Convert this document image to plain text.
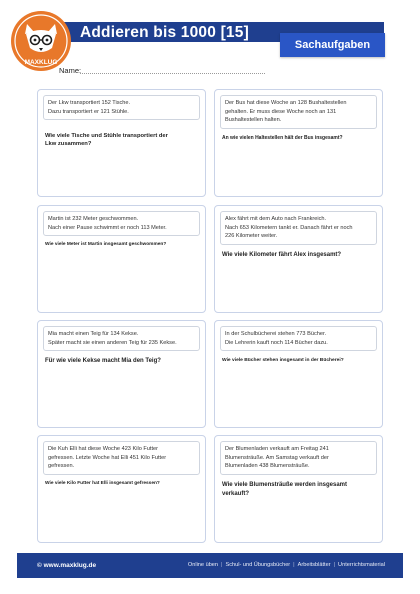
Addieren bis 1000 [15]
Sachaufgaben
MAXKLUG
Name:
Der Lkw transportiert 152 Tische.
Dazu transportiert er 121 Stühle.
Wie viele Tische und Stühle transportiert der
Lkw zusammen?
Der Bus hat diese Woche an 128 Bushaltestellen
gehalten. Er muss diese Woche noch an 131
Bushaltestellen halten.
An wie vielen Haltestellen hält der Bus insgesamt?
Martin ist 232 Meter geschwommen.
Nach einer Pause schwimmt er noch 113 Meter.
Wie viele Meter ist Martin insgesamt geschwommen?
Alex fährt mit dem Auto nach Frankreich.
Nach 653 Kilometern tankt er. Danach fährt er noch
226 Kilometer weiter.
Wie viele Kilometer fährt Alex insgesamt?
Mia macht einen Teig für 134 Kekse.
Später macht sie einen anderen Teig für 235 Kekse.
Für wie viele Kekse macht Mia den Teig?
In der Schulbücherei stehen 773 Bücher.
Die Lehrerin kauft noch 114 Bücher dazu.
Wie viele Bücher stehen insgesamt in der Bücherei?
Die Kuh Elli hat diese Woche 423 Kilo Futter
gefressen. Letzte Woche hat Elli 451 Kilo Futter
gefressen.
Wie viele Kilo Futter hat Elli insgesamt gefressen?
Der Blumenladen verkauft am Freitag 241
Blumensträuße. Am Samstag verkauft der
Blumenladen 438 Blumensträuße.
Wie viele Blumensträuße werden insgesamt
verkauft?
© www.maxklug.de	Online üben | Schul- und Übungsbücher | Arbeitsblätter | Unterrichtsmaterial
